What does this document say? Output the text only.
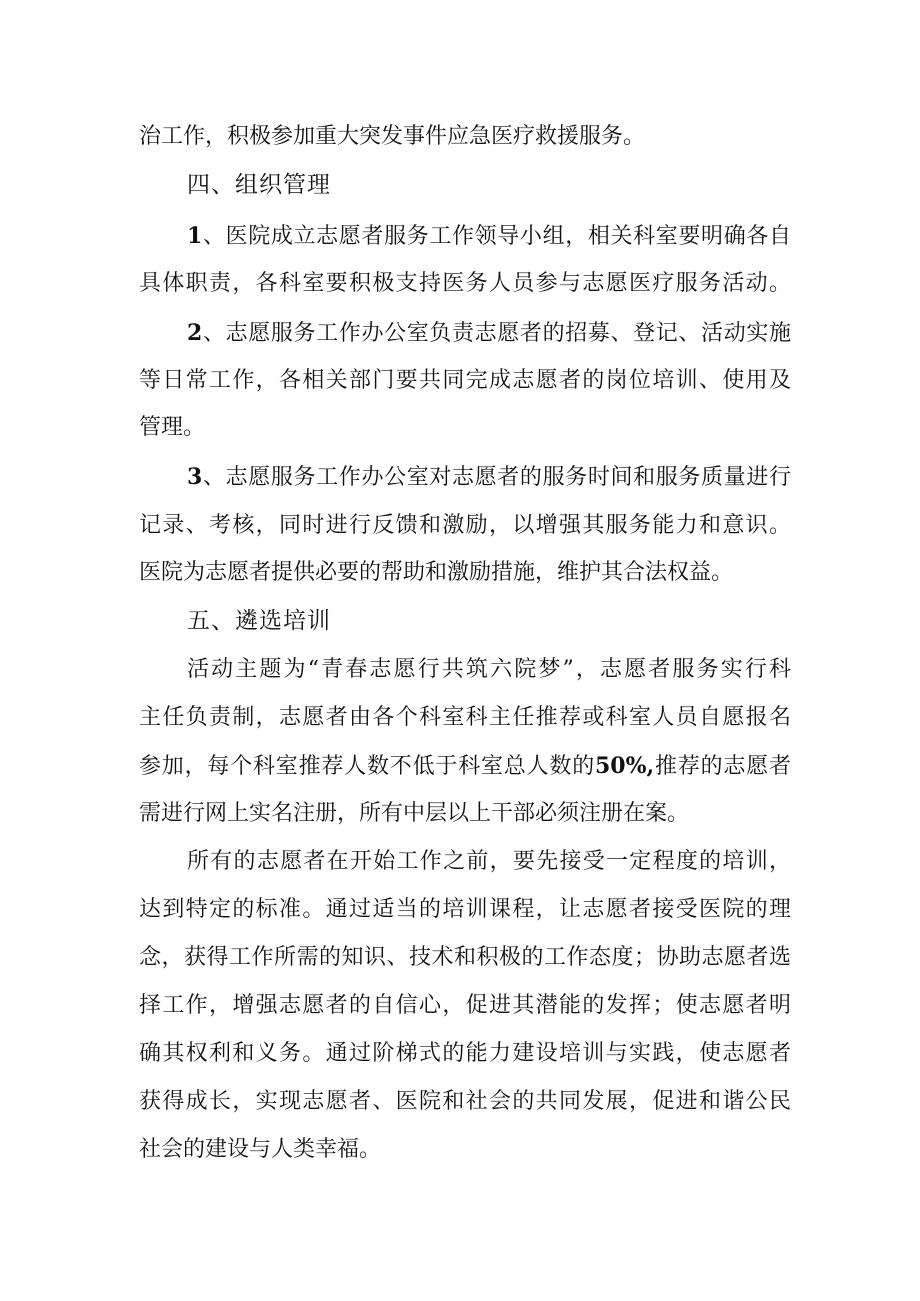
治工作，积极参加重大突发事件应急医疗救援服务。
四、组织管理
1、医院成立志愿者服务工作领导小组，相关科室要明确各自
具体职责，各科室要积极支持医务人员参与志愿医疗服务活动。
2、志愿服务工作办公室负责志愿者的招募、登记、活动实施
等日常工作，各相关部门要共同完成志愿者的岗位培训、使用及
管理。
3、志愿服务工作办公室对志愿者的服务时间和服务质量进行
记录、考核，同时进行反馈和激励，以增强其服务能力和意识。
医院为志愿者提供必要的帮助和激励措施，维护其合法权益。
五、遴选培训
活动主题为“青春志愿行共筑六院梦”，志愿者服务实行科
主任负责制，志愿者由各个科室科主任推荐或科室人员自愿报名
参加，每个科室推荐人数不低于科室总人数的50%,推荐的志愿者
需进行网上实名注册，所有中层以上干部必须注册在案。
所有的志愿者在开始工作之前，要先接受一定程度的培训，
达到特定的标准。通过适当的培训课程，让志愿者接受医院的理
念，获得工作所需的知识、技术和积极的工作态度；协助志愿者选
择工作，增强志愿者的自信心，促进其潜能的发挥；使志愿者明
确其权利和义务。通过阶梯式的能力建设培训与实践，使志愿者
获得成长，实现志愿者、医院和社会的共同发展，促进和谐公民
社会的建设与人类幸福。
